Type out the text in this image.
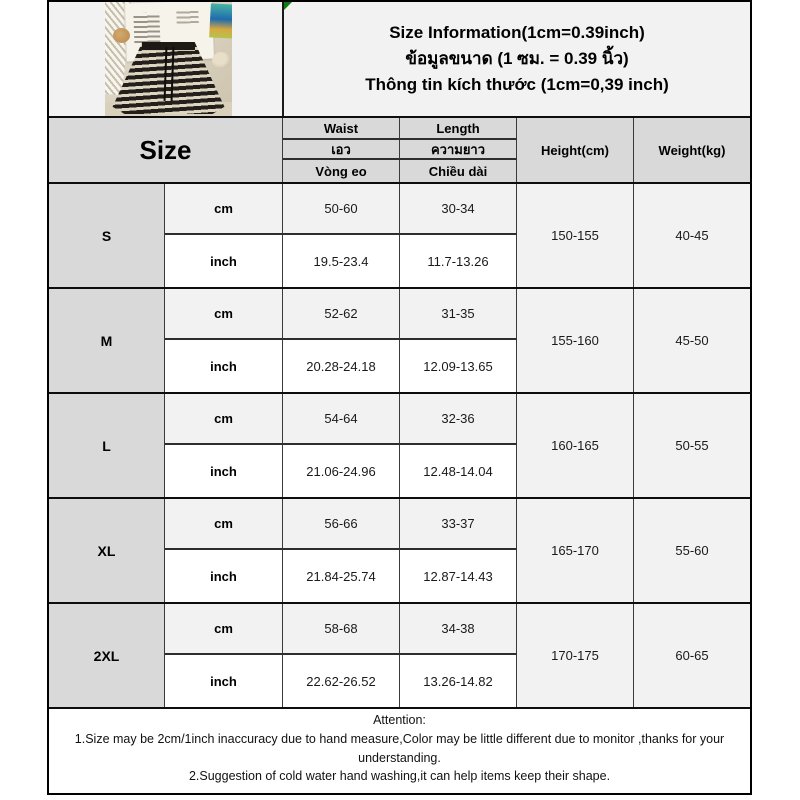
Size Information(1cm=0.39inch)
ข้อมูลขนาด (1 ซม. = 0.39 นิ้ว)
Thông tin kích thước (1cm=0,39 inch)
Size
Waist	Length
เอว	ความยาว
Vòng eo	Chiều dài
Height(cm)	Weight(kg)
S
cm	50-60	30-34
inch	19.5-23.4	11.7-13.26
150-155	40-45
M
cm	52-62	31-35
inch	20.28-24.18	12.09-13.65
155-160	45-50
L
cm	54-64	32-36
inch	21.06-24.96	12.48-14.04
160-165	50-55
XL
cm	56-66	33-37
inch	21.84-25.74	12.87-14.43
165-170	55-60
2XL
cm	58-68	34-38
inch	22.62-26.52	13.26-14.82
170-175	60-65
Attention:
1.Size may be 2cm/1inch inaccuracy due to hand measure,Color may be little different due to monitor ,thanks for your understanding.
2.Suggestion of cold water hand washing,it can help items keep their shape.
